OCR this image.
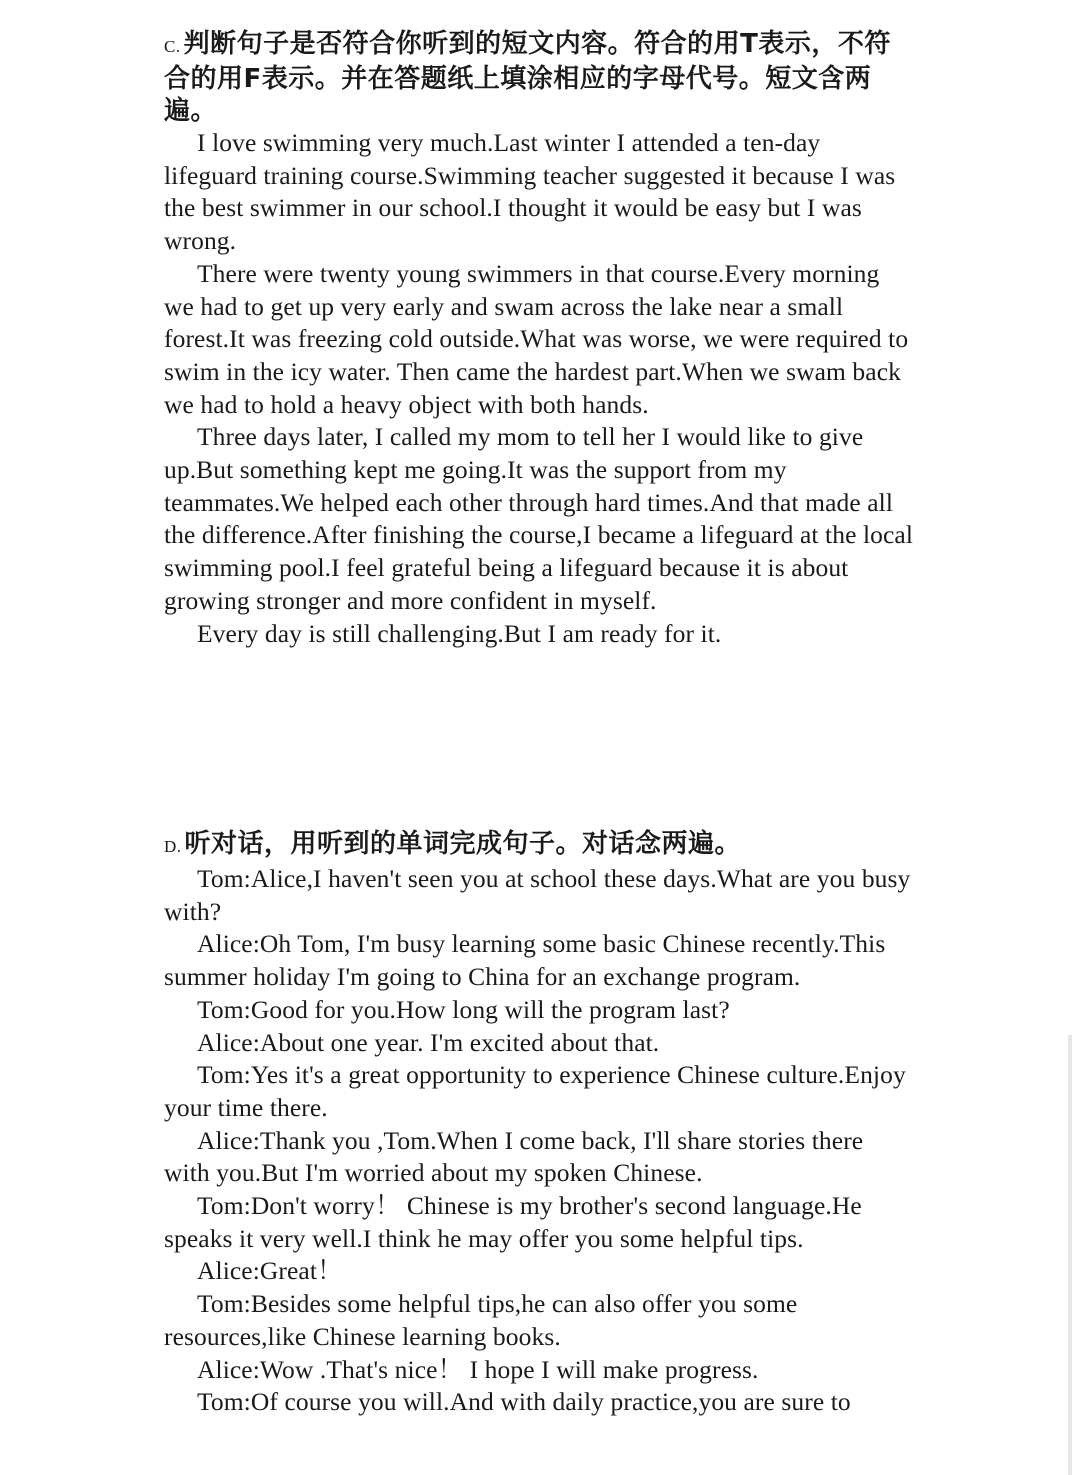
C. 判断句子是否符合你听到的短文内容。符合的用T表示，不符合的用F表示。并在答题纸上填涂相应的字母代号。短文含两遍。

I love swimming very much.Last winter I attended a ten-day lifeguard training course.Swimming teacher suggested it because I was the best swimmer in our school.I thought it would be easy but I was wrong.

There were twenty young swimmers in that course.Every morning we had to get up very early and swam across the lake near a small forest.It was freezing cold outside.What was worse, we were required to swim in the icy water. Then came the hardest part.When we swam back we had to hold a heavy object with both hands.

Three days later, I called my mom to tell her I would like to give up.But something kept me going.It was the support from my teammates.We helped each other through hard times.And that made all the difference.After finishing the course,I became a lifeguard at the local swimming pool.I feel grateful being a lifeguard because it is about growing stronger and more confident in myself.

Every day is still challenging.But I am ready for it.

D. 听对话，用听到的单词完成句子。对话念两遍。

Tom:Alice,I haven't seen you at school these days.What are you busy with?

Alice:Oh Tom, I'm busy learning some basic Chinese recently.This summer holiday I'm going to China for an exchange program.

Tom:Good for you.How long will the program last?

Alice:About one year. I'm excited about that.

Tom:Yes it's a great opportunity to experience Chinese culture.Enjoy your time there.

Alice:Thank you ,Tom.When I come back, I'll share stories there with you.But I'm worried about my spoken Chinese.

Tom:Don't worry！ Chinese is my brother's second language.He speaks it very well.I think he may offer you some helpful tips.

Alice:Great！

Tom:Besides some helpful tips,he can also offer you some resources,like Chinese learning books.

Alice:Wow .That's nice！ I hope I will make progress.

Tom:Of course you will.And with daily practice,you are sure to
